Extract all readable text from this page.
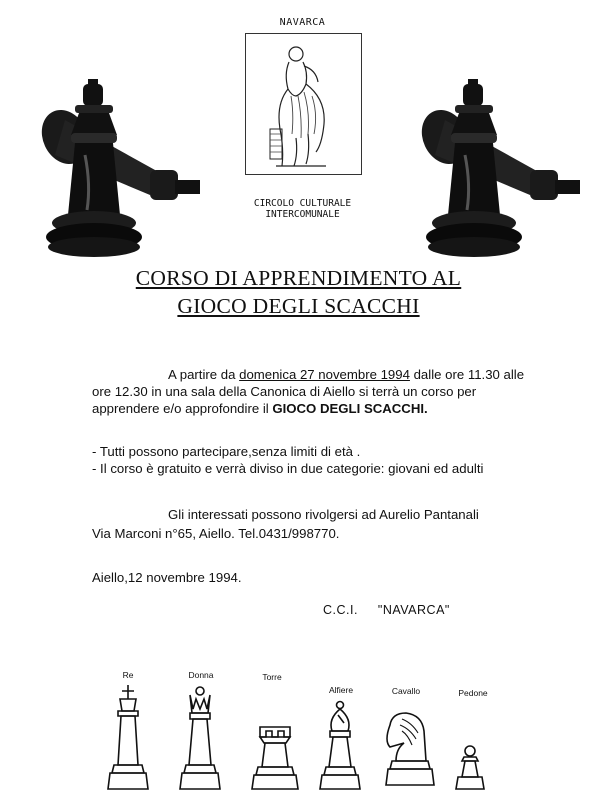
NAVARCA
CIRCOLO CULTURALE
INTERCOMUNALE
CORSO DI APPRENDIMENTO AL
GIOCO DEGLI SCACCHI
A partire da domenica 27 novembre 1994 dalle ore 11.30 alle ore 12.30 in una sala della Canonica di Aiello si terrà un corso per apprendere e/o approfondire il GIOCO DEGLI SCACCHI.
- Tutti possono partecipare,senza limiti di età .
- Il corso è gratuito e verrà diviso in due categorie: giovani ed adulti
Gli interessati possono rivolgersi ad Aurelio Pantanali
Via Marconi n°65, Aiello. Tel.0431/998770.
Aiello,12 novembre 1994.
C.C.I.  "NAVARCA"
Re	Donna	Torre
Alfiere	Cavallo	Pedone
